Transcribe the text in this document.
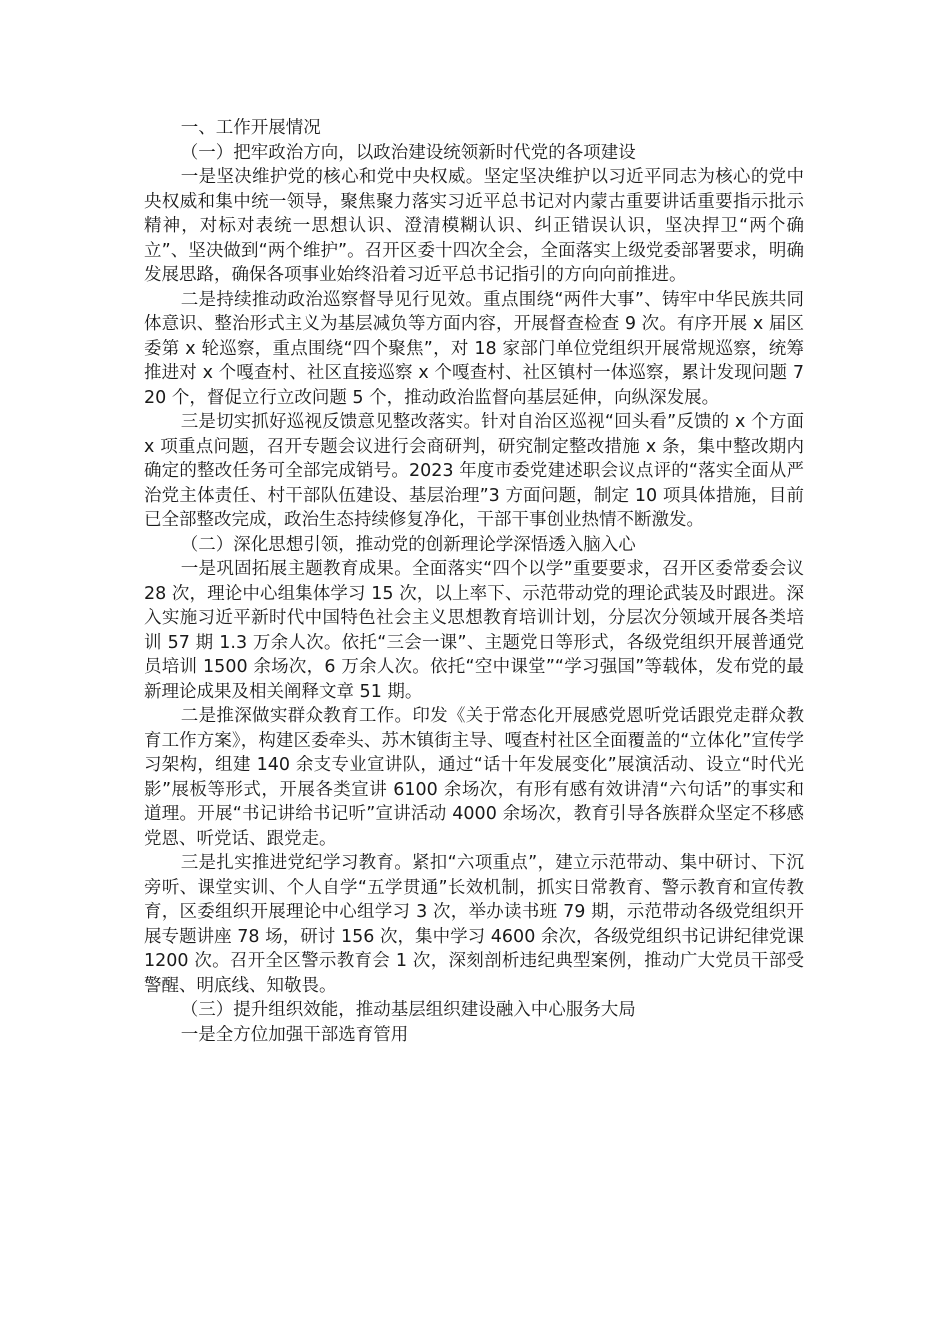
一、工作开展情况

（一）把牢政治方向，以政治建设统领新时代党的各项建设

一是坚决维护党的核心和党中央权威。坚定坚决维护以习近平同志为核心的党中央权威和集中统一领导，聚焦聚力落实习近平总书记对内蒙古重要讲话重要指示批示精神，对标对表统一思想认识、澄清模糊认识、纠正错误认识，坚决捍卫“两个确立”、坚决做到“两个维护”。召开区委十四次全会，全面落实上级党委部署要求，明确发展思路，确保各项事业始终沿着习近平总书记指引的方向向前推进。

二是持续推动政治巡察督导见行见效。重点围绕“两件大事”、铸牢中华民族共同体意识、整治形式主义为基层减负等方面内容，开展督查检查 9 次。有序开展 x 届区委第 x 轮巡察，重点围绕“四个聚焦”，对 18 家部门单位党组织开展常规巡察，统筹推进对 x 个嘎查村、社区直接巡察 x 个嘎查村、社区镇村一体巡察，累计发现问题 720 个，督促立行立改问题 5 个，推动政治监督向基层延伸，向纵深发展。

三是切实抓好巡视反馈意见整改落实。针对自治区巡视“回头看”反馈的 x 个方面 x 项重点问题，召开专题会议进行会商研判，研究制定整改措施 x 条，集中整改期内确定的整改任务可全部完成销号。2023 年度市委党建述职会议点评的“落实全面从严治党主体责任、村干部队伍建设、基层治理”3 方面问题，制定 10 项具体措施，目前已全部整改完成，政治生态持续修复净化，干部干事创业热情不断激发。

（二）深化思想引领，推动党的创新理论学深悟透入脑入心

一是巩固拓展主题教育成果。全面落实“四个以学”重要要求，召开区委常委会议 28 次，理论中心组集体学习 15 次，以上率下、示范带动党的理论武装及时跟进。深入实施习近平新时代中国特色社会主义思想教育培训计划，分层次分领域开展各类培训 57 期 1.3 万余人次。依托“三会一课”、主题党日等形式，各级党组织开展普通党员培训 1500 余场次，6 万余人次。依托“空中课堂”“学习强国”等载体，发布党的最新理论成果及相关阐释文章 51 期。

二是推深做实群众教育工作。印发《关于常态化开展感党恩听党话跟党走群众教育工作方案》，构建区委牵头、苏木镇街主导、嘎查村社区全面覆盖的“立体化”宣传学习架构，组建 140 余支专业宣讲队，通过“话十年发展变化”展演活动、设立“时代光影”展板等形式，开展各类宣讲 6100 余场次，有形有感有效讲清“六句话”的事实和道理。开展“书记讲给书记听”宣讲活动 4000 余场次，教育引导各族群众坚定不移感党恩、听党话、跟党走。

三是扎实推进党纪学习教育。紧扣“六项重点”，建立示范带动、集中研讨、下沉旁听、课堂实训、个人自学“五学贯通”长效机制，抓实日常教育、警示教育和宣传教育，区委组织开展理论中心组学习 3 次，举办读书班 79 期，示范带动各级党组织开展专题讲座 78 场，研讨 156 次，集中学习 4600 余次，各级党组织书记讲纪律党课 1200 次。召开全区警示教育会 1 次，深刻剖析违纪典型案例，推动广大党员干部受警醒、明底线、知敬畏。

（三）提升组织效能，推动基层组织建设融入中心服务大局

一是全方位加强干部选育管用
